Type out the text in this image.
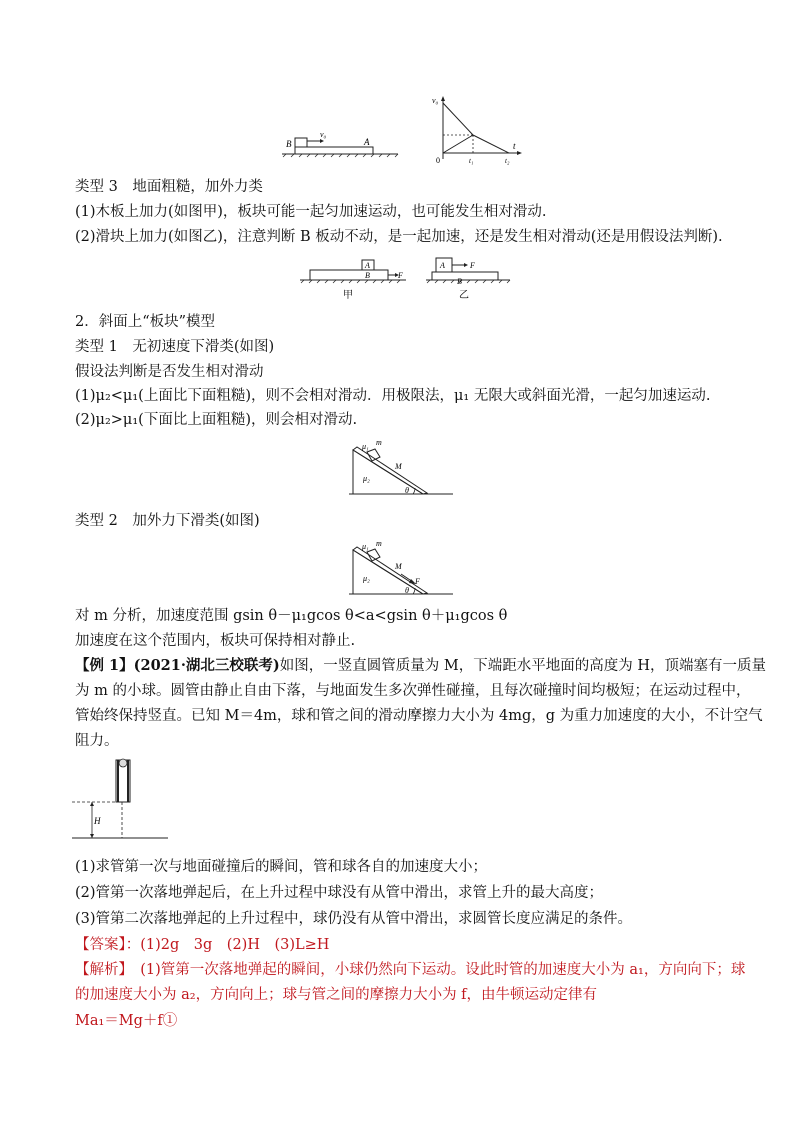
B	A
v₀
v₀
t
0	t₁	t₂
类型 3　地面粗糙，加外力类
(1)木板上加力(如图甲)，板块可能一起匀加速运动，也可能发生相对滑动.
(2)滑块上加力(如图乙)，注意判断 B 板动不动，是一起加速，还是发生相对滑动(还是用假设法判断).
A
B	F
甲
A
B
F
乙
2．斜面上“板块”模型
类型 1　无初速度下滑类(如图)
假设法判断是否发生相对滑动
(1)μ₂<μ₁(上面比下面粗糙)，则不会相对滑动．用极限法，μ₁ 无限大或斜面光滑，一起匀加速运动.
(2)μ₂>μ₁(下面比上面粗糙)，则会相对滑动.
m
μ₁
M
μ₂
θ
类型 2　加外力下滑类(如图)
m
μ₁
M
μ₂	F
θ
对 m 分析，加速度范围 gsin θ－μ₁gcos θ<a<gsin θ＋μ₁gcos θ
加速度在这个范围内，板块可保持相对静止.
【例 1】(2021·湖北三校联考)如图，一竖直圆管质量为 M，下端距水平地面的高度为 H，顶端塞有一质量
为 m 的小球。圆管由静止自由下落，与地面发生多次弹性碰撞，且每次碰撞时间均极短；在运动过程中，
管始终保持竖直。已知 M＝4m，球和管之间的滑动摩擦力大小为 4mg，g 为重力加速度的大小，不计空气
阻力。
H
(1)求管第一次与地面碰撞后的瞬间，管和球各自的加速度大小；
(2)管第一次落地弹起后，在上升过程中球没有从管中滑出，求管上升的最大高度；
(3)管第二次落地弹起的上升过程中，球仍没有从管中滑出，求圆管长度应满足的条件。
【答案】：(1)2g　3g　(2)H　(3)L≥H
【解析】　(1)管第一次落地弹起的瞬间，小球仍然向下运动。设此时管的加速度大小为 a₁，方向向下；球
的加速度大小为 a₂，方向向上；球与管之间的摩擦力大小为 f，由牛顿运动定律有
Ma₁＝Mg＋f①
